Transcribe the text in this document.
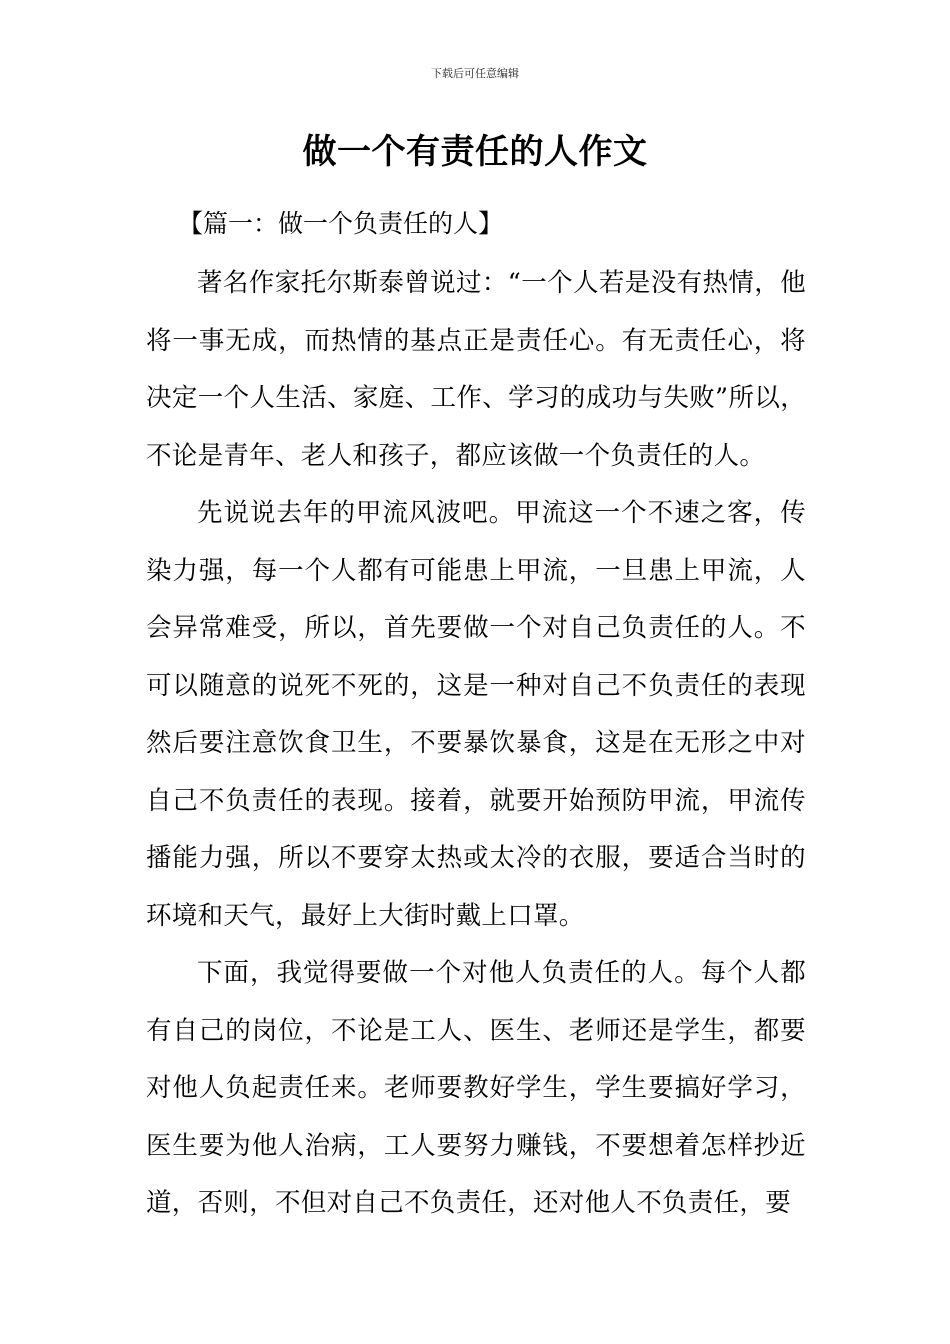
下载后可任意编辑
做一个有责任的人作文
【篇一：做一个负责任的人】

著名作家托尔斯泰曾说过：“一个人若是没有热情，他将一事无成，而热情的基点正是责任心。有无责任心，将决定一个人生活、家庭、工作、学习的成功与失败”所以，不论是青年、老人和孩子，都应该做一个负责任的人。

先说说去年的甲流风波吧。甲流这一个不速之客，传染力强，每一个人都有可能患上甲流，一旦患上甲流，人会异常难受，所以，首先要做一个对自己负责任的人。不可以随意的说死不死的，这是一种对自己不负责任的表现然后要注意饮食卫生，不要暴饮暴食，这是在无形之中对自己不负责任的表现。接着，就要开始预防甲流，甲流传播能力强，所以不要穿太热或太冷的衣服，要适合当时的环境和天气，最好上大街时戴上口罩。

下面，我觉得要做一个对他人负责任的人。每个人都有自己的岗位，不论是工人、医生、老师还是学生，都要对他人负起责任来。老师要教好学生，学生要搞好学习，医生要为他人治病，工人要努力赚钱，不要想着怎样抄近道，否则，不但对自己不负责任，还对他人不负责任，要
